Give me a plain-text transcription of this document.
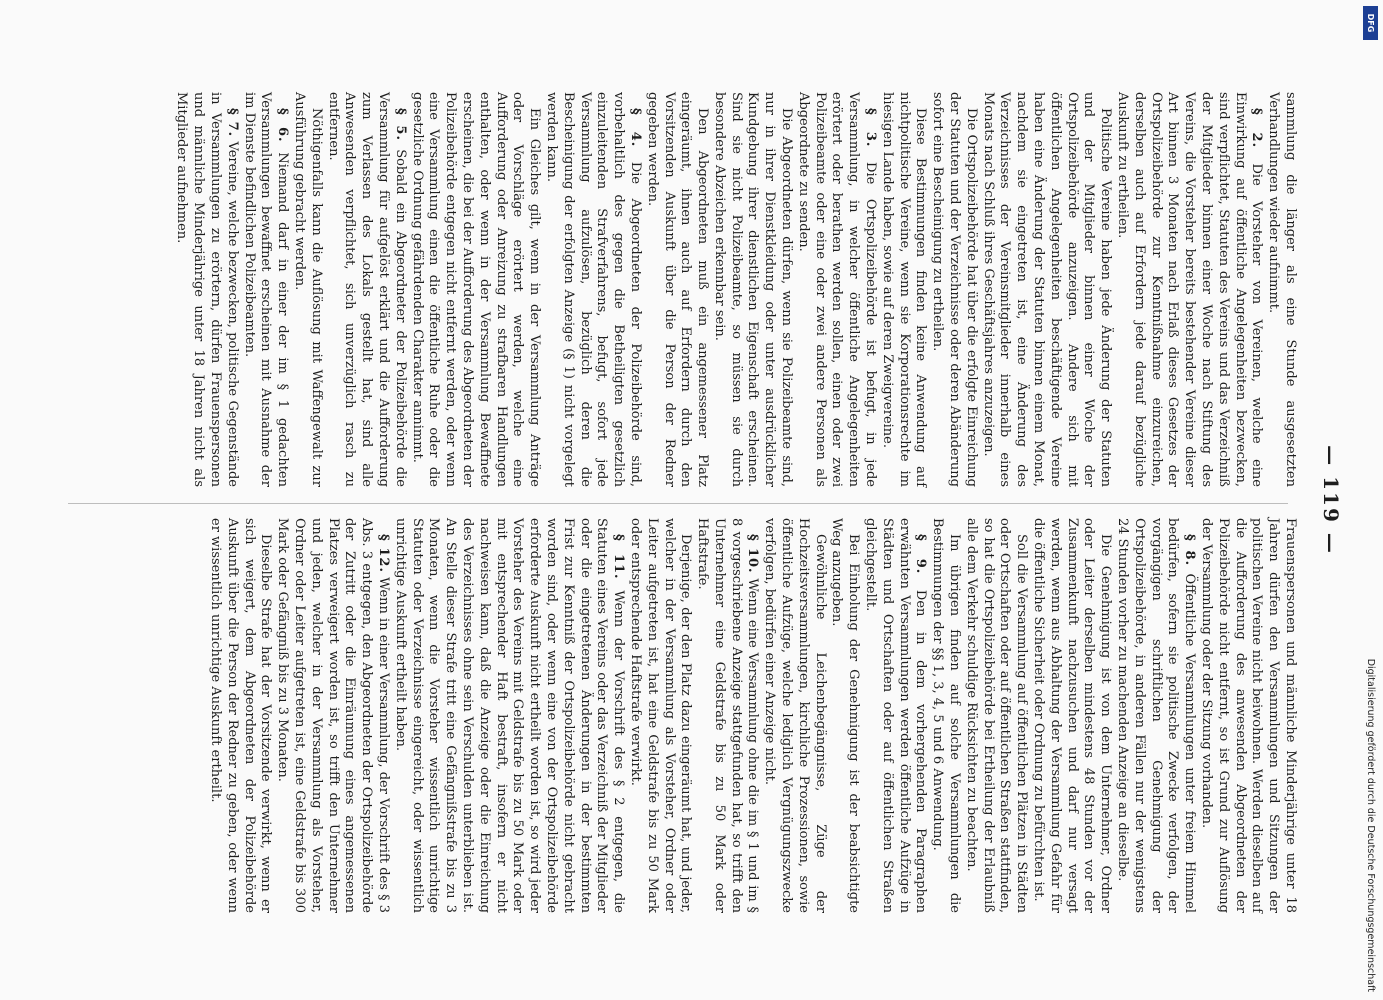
— 119 —

sammlung die länger als eine Stunde ausgesetzten Verhandlungen wieder aufnimmt.

§ 2. Die Vorsteher von Vereinen, welche eine Einwirkung auf öffentliche Angelegenheiten bezwecken, sind verpflichtet, Statuten des Vereins und das Verzeichniß der Mitglieder binnen einer Woche nach Stiftung des Vereins, die Vorsteher bereits bestehender Vereine dieser Art binnen 3 Monaten nach Erlaß dieses Gesetzes der Ortspolizeibehörde zur Kenntnißnahme einzureichen, derselben auch auf Erfordern jede darauf bezügliche Auskunft zu ertheilen.

Politische Vereine haben jede Änderung der Statuten und der Mitglieder binnen einer Woche der Ortspolizeibehörde anzuzeigen. Andere sich mit öffentlichen Angelegenheiten beschäftigende Vereine haben eine Änderung der Statuten binnen einem Monat, nachdem sie eingetreten ist, eine Änderung des Verzeichnisses der Vereinsmitglieder innerhalb eines Monats nach Schluß ihres Geschäftsjahres anzuzeigen.

Die Ortspolizeibehörde hat über die erfolgte Einreichung der Statuten und der Verzeichnisse oder deren Abänderung sofort eine Bescheinigung zu ertheilen.

Diese Bestimmungen finden keine Anwendung auf nichtpolitische Vereine, wenn sie Korporationsrechte im hiesigen Lande haben, sowie auf deren Zweigvereine.

§ 3. Die Ortspolizeibehörde ist befugt, in jede Versammlung, in welcher öffentliche Angelegenheiten erörtert oder berathen werden sollen, einen oder zwei Polizeibeamte oder eine oder zwei andere Personen als Abgeordnete zu senden.

Die Abgeordneten dürfen, wenn sie Polizeibeamte sind, nur in ihrer Dienstkleidung oder unter ausdrücklicher Kundgebung ihrer dienstlichen Eigenschaft erscheinen. Sind sie nicht Polizeibeamte, so müssen sie durch besondere Abzeichen erkennbar sein.

Den Abgeordneten muß ein angemessener Platz eingeräumt, ihnen auch auf Erfordern durch den Vorsitzenden Auskunft über die Person der Redner gegeben werden.

§ 4. Die Abgeordneten der Polizeibehörde sind, vorbehaltlich des gegen die Betheiligten gesetzlich einzuleitenden Strafverfahrens, befugt, sofort jede Versammlung aufzulösen, bezüglich deren die Bescheinigung der erfolgten Anzeige (§ 1) nicht vorgelegt werden kann.

Ein Gleiches gilt, wenn in der Versammlung Anträge oder Vorschläge erörtert werden, welche eine Aufforderung oder Anreizung zu strafbaren Handlungen enthalten, oder wenn in der Versammlung Bewaffnete erscheinen, die bei der Aufforderung des Abgeordneten der Polizeibehörde entgegen nicht entfernt werden, oder wenn eine Versammlung einen die öffentliche Ruhe oder die gesetzliche Ordnung gefährdenden Charakter annimmt.

§ 5. Sobald ein Abgeordneter der Polizeibehörde die Versammlung für aufgelöst erklärt und die Aufforderung zum Verlassen des Lokals gestellt hat, sind alle Anwesenden verpflichtet, sich unverzüglich rasch zu entfernen.

Nöthigenfalls kann die Auflösung mit Waffengewalt zur Ausführung gebracht werden.

§ 6. Niemand darf in einer der im § 1 gedachten Versammlungen bewaffnet erscheinen mit Ausnahme der im Dienste befindlichen Polizeibeamten.

§ 7. Vereine, welche bezwecken, politische Gegenstände in Versammlungen zu erörtern, dürfen Frauenspersonen und männliche Minderjährige unter 18 Jahren nicht als Mitglieder aufnehmen.

Frauenspersonen und männliche Minderjährige unter 18 Jahren dürfen den Versammlungen und Sitzungen der politischen Vereine nicht beiwohnen. Werden dieselben auf die Aufforderung des anwesenden Abgeordneten der Polizeibehörde nicht entfernt, so ist Grund zur Auflösung der Versammlung oder der Sitzung vorhanden.

§ 8. Öffentliche Versammlungen unter freiem Himmel bedürfen, sofern sie politische Zwecke verfolgen, der vorgängigen schriftlichen Genehmigung der Ortspolizeibehörde, in anderen Fällen nur der wenigstens 24 Stunden vorher zu machenden Anzeige an dieselbe.

Die Genehmigung ist von dem Unternehmer, Ordner oder Leiter derselben mindestens 48 Stunden vor der Zusammenkunft nachzusuchen und darf nur versagt werden, wenn aus Abhaltung der Versammlung Gefahr für die öffentliche Sicherheit oder Ordnung zu befürchten ist.

Soll die Versammlung auf öffentlichen Plätzen in Städten oder Ortschaften oder auf öffentlichen Straßen stattfinden, so hat die Ortspolizeibehörde bei Ertheilung der Erlaubniß alle dem Verkehr schuldige Rücksichten zu beachten.

Im übrigen finden auf solche Versammlungen die Bestimmungen der §§ 1, 3, 4, 5 und 6 Anwendung.

§ 9. Den in dem vorhergehenden Paragraphen erwähnten Versammlungen werden öffentliche Aufzüge in Städten und Ortschaften oder auf öffentlichen Straßen gleichgestellt.

Bei Einholung der Genehmigung ist der beabsichtigte Weg anzugeben.

Gewöhnliche Leichenbegängnisse, Züge der Hochzeitsversammlungen, kirchliche Prozessionen, sowie öffentliche Aufzüge, welche lediglich Vergnügungszwecke verfolgen, bedürfen einer Anzeige nicht.

§ 10. Wenn eine Versammlung ohne die im § 1 und im § 8 vorgeschriebene Anzeige stattgefunden hat, so trifft den Unternehmer eine Geldstrafe bis zu 50 Mark oder Haftstrafe.

Derjenige, der den Platz dazu eingeräumt hat, und jeder, welcher in der Versammlung als Vorsteher, Ordner oder Leiter aufgetreten ist, hat eine Geldstrafe bis zu 50 Mark oder entsprechende Haftstrafe verwirkt.

§ 11. Wenn der Vorschrift des § 2 entgegen, die Statuten eines Vereins oder das Verzeichniß der Mitglieder oder die eingetretenen Änderungen in der bestimmten Frist zur Kenntniß der Ortspolizeibehörde nicht gebracht worden sind, oder wenn eine von der Ortspolizeibehörde erforderte Auskunft nicht ertheilt worden ist, so wird jeder Vorsteher des Vereins mit Geldstrafe bis zu 50 Mark oder mit entsprechender Haft bestraft, insofern er nicht nachweisen kann, daß die Anzeige oder die Einreichung des Verzeichnisses ohne sein Verschulden unterblieben ist. An Stelle dieser Strafe tritt eine Gefängnißstrafe bis zu 3 Monaten, wenn die Vorsteher wissentlich unrichtige Statuten oder Verzeichnisse eingereicht, oder wissentlich unrichtige Auskunft ertheilt haben.

§ 12. Wenn in einer Versammlung, der Vorschrift des § 3 Abs. 3 entgegen, den Abgeordneten der Ortspolizeibehörde der Zutritt oder die Einräumung eines angemessenen Platzes verweigert worden ist, so trifft den Unternehmer und jeden, welcher in der Versammlung als Vorsteher, Ordner oder Leiter aufgetreten ist, eine Geldstrafe bis 300 Mark oder Gefängniß bis zu 3 Monaten.

Dieselbe Strafe hat der Vorsitzende verwirkt, wenn er sich weigert, dem Abgeordneten der Polizeibehörde Auskunft über die Person der Redner zu geben, oder wenn er wissentlich unrichtige Auskunft ertheilt.	Digitalisierung gefördert durch die Deutsche Forschungsgemeinschaft
DFG
